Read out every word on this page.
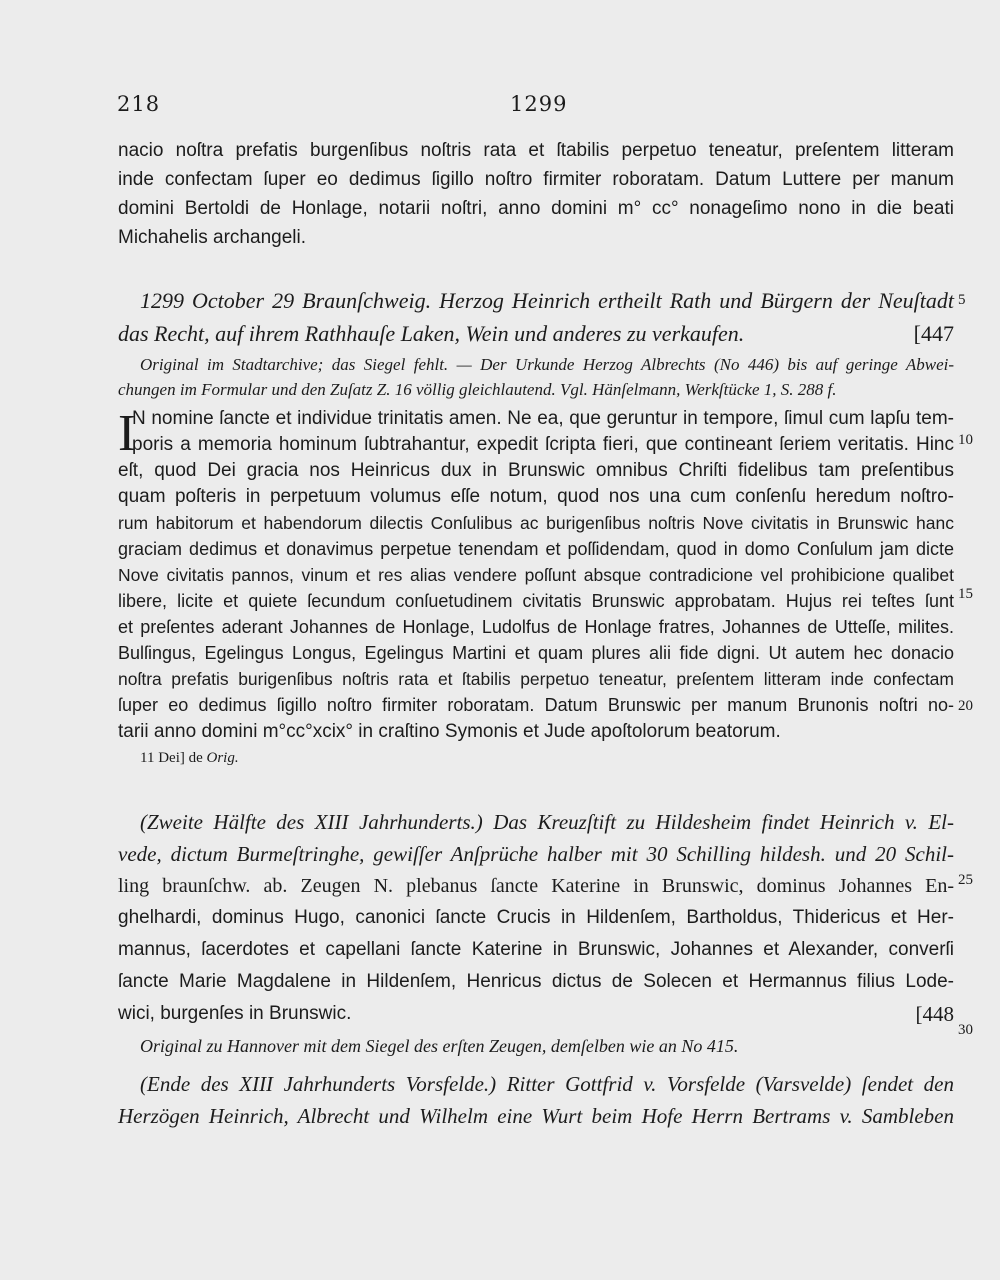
218	1299
nacio noſtra prefatis burgenſibus noſtris rata et ſtabilis perpetuo teneatur, preſentem litteram
inde confectam ſuper eo dedimus ſigillo noſtro firmiter roboratam. Datum Luttere per manum
domini Bertoldi de Honlage, notarii noſtri, anno domini m° cc° nonageſimo nono in die beati
Michahelis archangeli.
1299 October 29 Braunſchweig. Herzog Heinrich ertheilt Rath und Bürgern der Neuſtadt
das Recht, auf ihrem Rathhauſe Laken, Wein und anderes zu verkaufen.	[447
Original im Stadtarchive; das Siegel fehlt. — Der Urkunde Herzog Albrechts (No 446) bis auf geringe Abwei-
chungen im Formular und den Zuſatz Z. 16 völlig gleichlautend. Vgl. Hänſelmann, Werkſtücke 1, S. 288 f.
I
N nomine ſancte et individue trinitatis amen. Ne ea, que geruntur in tempore, ſimul cum lapſu tem-
poris a memoria hominum ſubtrahantur, expedit ſcripta fieri, que contineant ſeriem veritatis. Hinc
eſt, quod Dei gracia nos Heinricus dux in Brunswic omnibus Chriſti fidelibus tam preſentibus
quam poſteris in perpetuum volumus eſſe notum, quod nos una cum conſenſu heredum noſtro-
rum habitorum et habendorum dilectis Conſulibus ac burigenſibus noſtris Nove civitatis in Brunswic hanc
graciam dedimus et donavimus perpetue tenendam et poſſidendam, quod in domo Conſulum jam dicte
Nove civitatis pannos, vinum et res alias vendere poſſunt absque contradicione vel prohibicione qualibet
libere, licite et quiete ſecundum conſuetudinem civitatis Brunswic approbatam. Hujus rei teſtes ſunt
et preſentes aderant Johannes de Honlage, Ludolfus de Honlage fratres, Johannes de Utteſſe, milites.
Bulſingus, Egelingus Longus, Egelingus Martini et quam plures alii fide digni. Ut autem hec donacio
noſtra prefatis burigenſibus noſtris rata et ſtabilis perpetuo teneatur, preſentem litteram inde confectam
ſuper eo dedimus ſigillo noſtro firmiter roboratam. Datum Brunswic per manum Brunonis noſtri no-
tarii anno domini m°cc°xcix° in craſtino Symonis et Jude apoſtolorum beatorum.
11 Dei] de Orig.
(Zweite Hälfte des XIII Jahrhunderts.) Das Kreuzſtift zu Hildesheim findet Heinrich v. El-
vede, dictum Burmeſtringhe, gewiſſer Anſprüche halber mit 30 Schilling hildesh. und 20 Schil-
ling braunſchw. ab. Zeugen N. plebanus ſancte Katerine in Brunswic, dominus Johannes En-
ghelhardi, dominus Hugo, canonici ſancte Crucis in Hildenſem, Bartholdus, Thidericus et Her-
mannus, ſacerdotes et capellani ſancte Katerine in Brunswic, Johannes et Alexander, converſi
ſancte Marie Magdalene in Hildenſem, Henricus dictus de Solecen et Hermannus filius Lode-
wici, burgenſes in Brunswic.	[448
Original zu Hannover mit dem Siegel des erſten Zeugen, demſelben wie an No 415.
(Ende des XIII Jahrhunderts Vorsfelde.) Ritter Gottfrid v. Vorsfelde (Varsvelde) ſendet den
Herzögen Heinrich, Albrecht und Wilhelm eine Wurt beim Hofe Herrn Bertrams v. Sambleben
5
10
15
20
25
30
